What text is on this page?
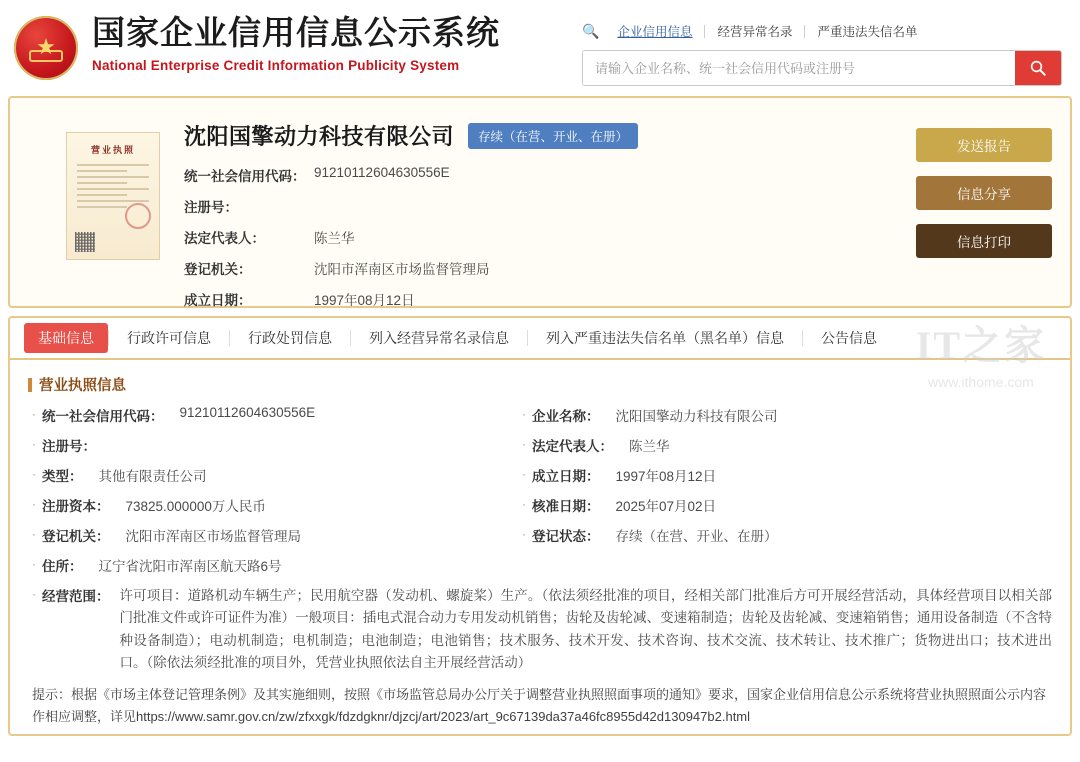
★ 国家企业信用信息公示系统
National Enterprise Credit Information Publicity System
🔍	企业信用信息	经营异常名录	严重违法失信名单
请输入企业名称、统一社会信用代码或注册号
营业执照
沈阳国擎动力科技有限公司	存续（在营、开业、在册）
统一社会信用代码： 91210112604630556E
注册号：
法定代表人：	陈兰华
登记机关：	沈阳市浑南区市场监督管理局
成立日期：	1997年08月12日
发送报告
信息分享
信息打印
基础信息	行政许可信息	行政处罚信息	列入经营异常名录信息	列入严重违法失信名单（黑名单）信息	公告信息 IT之家
www.ithome.com
营业执照信息
· 统一社会信用代码： 91210112604630556E	· 企业名称： 沈阳国擎动力科技有限公司
· 注册号：	· 法定代表人： 陈兰华
· 类型： 其他有限责任公司	· 成立日期： 1997年08月12日
· 注册资本： 73825.000000万人民币	· 核准日期： 2025年07月02日
· 登记机关： 沈阳市浑南区市场监督管理局	· 登记状态： 存续（在营、开业、在册）
· 住所： 辽宁省沈阳市浑南区航天路6号
· 经营范围： 许可项目：道路机动车辆生产；民用航空器（发动机、螺旋桨）生产。（依法须经批准的项目，经相关部门批准后方可开展经营活动，具体经营项目以相关部门批准文件或许可证件为准）一般项目：插电式混合动力专用发动机销售；齿轮及齿轮减、变速箱制造；齿轮及齿轮减、变速箱销售；通用设备制造（不含特种设备制造）；电动机制造；电机制造；电池制造；电池销售；技术服务、技术开发、技术咨询、技术交流、技术转让、技术推广；货物进出口；技术进出口。（除依法须经批准的项目外，凭营业执照依法自主开展经营活动）
提示：根据《市场主体登记管理条例》及其实施细则，按照《市场监管总局办公厅关于调整营业执照照面事项的通知》要求，国家企业信用信息公示系统将营业执照照面公示内容作相应调整，详见https://www.samr.gov.cn/zw/zfxxgk/fdzdgknr/djzcj/art/2023/art_9c67139da37a46fc8955d42d130947b2.html
